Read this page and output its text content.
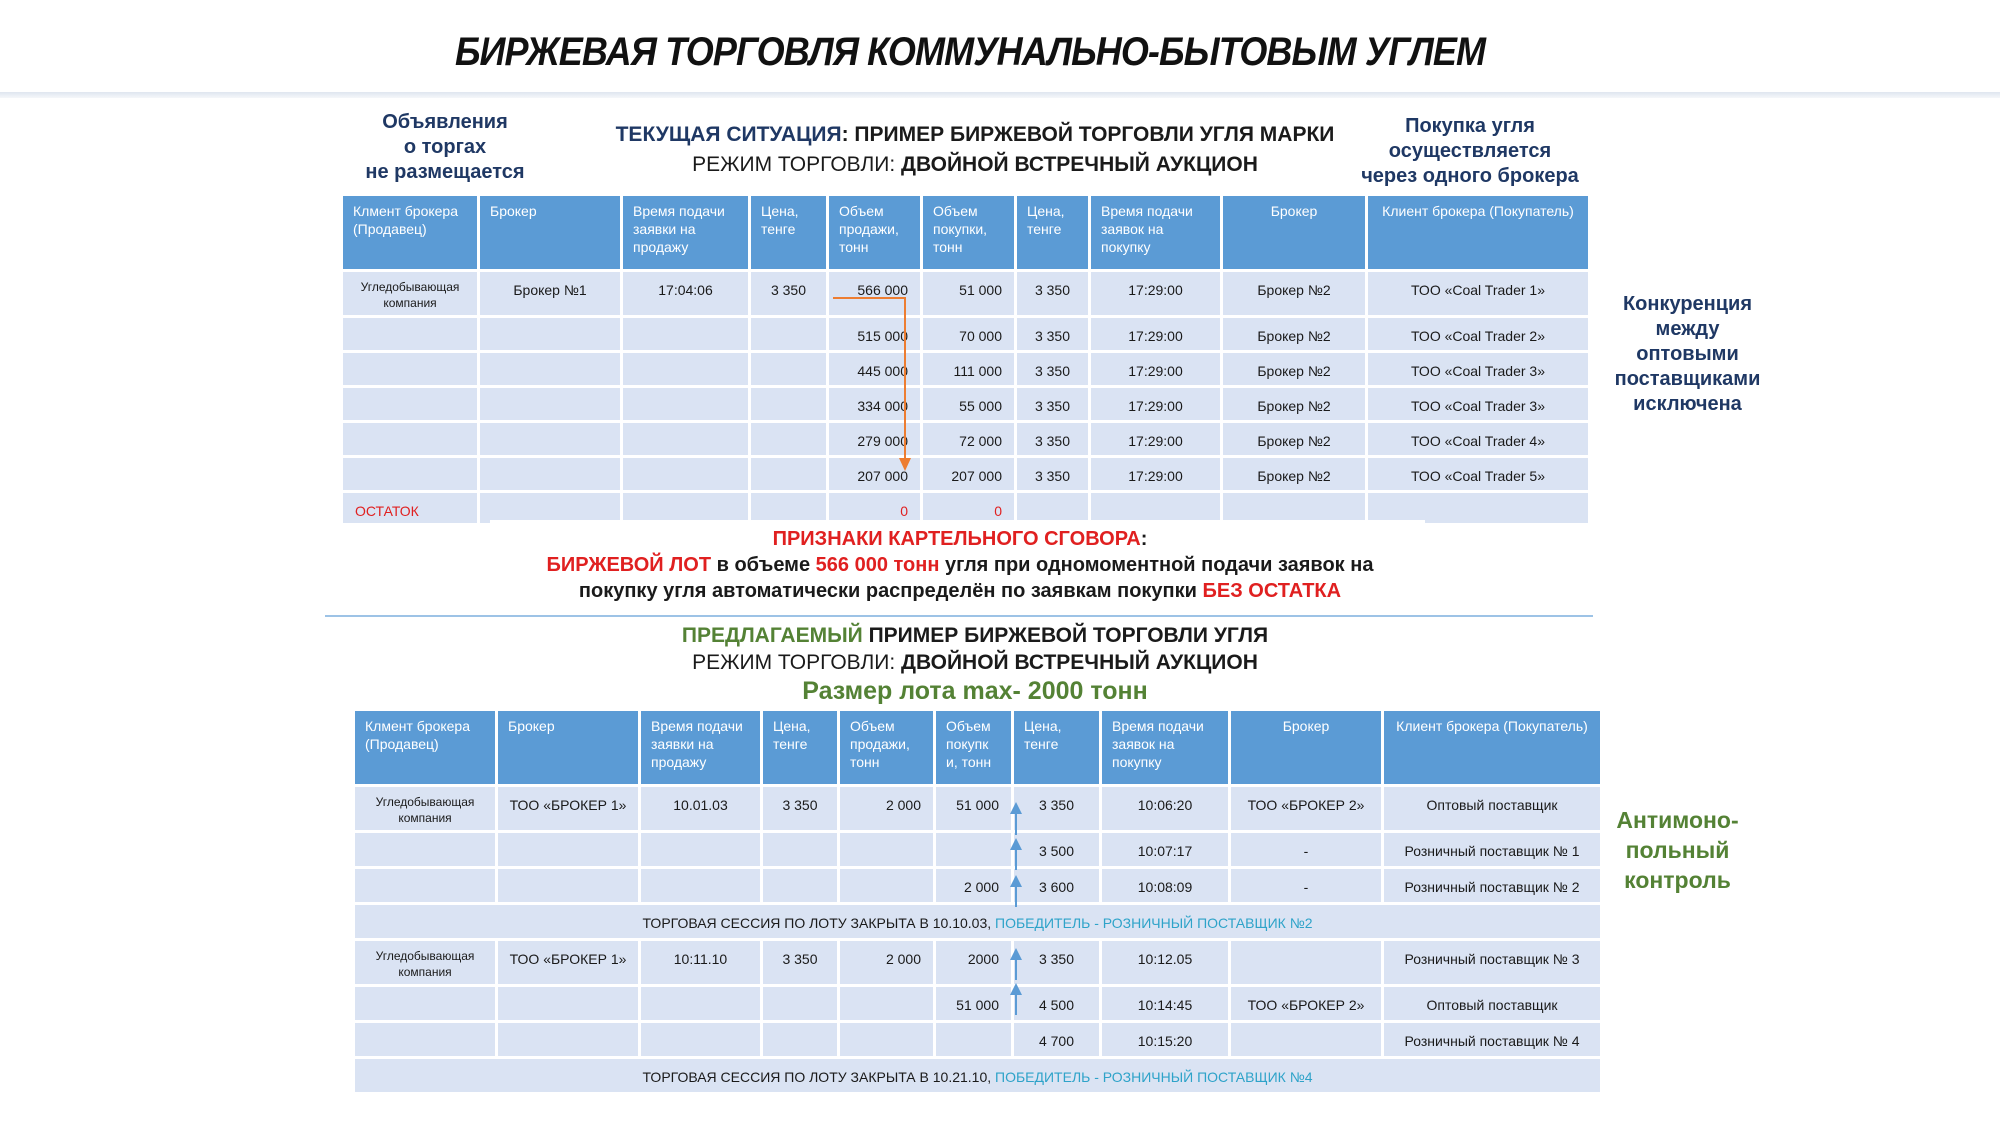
БИРЖЕВАЯ ТОРГОВЛЯ КОММУНАЛЬНО-БЫТОВЫМ УГЛЕМ
Объявления
о торгах
не размещается
Покупка угля
осуществляется
через одного брокера
Конкуренция
между
оптовыми
поставщиками
исключена
Антимоно-
польный
контроль
ТЕКУЩАЯ СИТУАЦИЯ: ПРИМЕР БИРЖЕВОЙ ТОРГОВЛИ УГЛЯ МАРКИ
РЕЖИМ ТОРГОВЛИ: ДВОЙНОЙ ВСТРЕЧНЫЙ АУКЦИОН
Клмент брокера (Продавец)	Брокер	Время подачи заявки на продажу	Цена, тенге	Объем продажи, тонн	Объем покупки, тонн	Цена, тенге	Время подачи заявок на покупку	Брокер	Клиент брокера (Покупатель)
Угледобывающая компания	Брокер №1	17:04:06	3 350	566 000	51 000	3 350	17:29:00	Брокер №2	ТОО «Coal Trader 1»
				515 000	70 000	3 350	17:29:00	Брокер №2	ТОО «Coal Trader 2»
				445 000	111 000	3 350	17:29:00	Брокер №2	ТОО «Coal Trader 3»
				334 000	55 000	3 350	17:29:00	Брокер №2	ТОО «Coal Trader 3»
				279 000	72 000	3 350	17:29:00	Брокер №2	ТОО «Coal Trader 4»
				207 000	207 000	3 350	17:29:00	Брокер №2	ТОО «Coal Trader 5»
ОСТАТОК				0	0				
ПРИЗНАКИ КАРТЕЛЬНОГО СГОВОРА:
БИРЖЕВОЙ ЛОТ в объеме 566 000 тонн угля при одномоментной подачи заявок на
покупку угля автоматически распределён по заявкам покупки БЕЗ ОСТАТКА
ПРЕДЛАГАЕМЫЙ ПРИМЕР БИРЖЕВОЙ ТОРГОВЛИ УГЛЯ
РЕЖИМ ТОРГОВЛИ: ДВОЙНОЙ ВСТРЕЧНЫЙ АУКЦИОН
Размер лота max- 2000 тонн
Клмент брокера (Продавец)	Брокер	Время подачи заявки на продажу	Цена, тенге	Объем продажи, тонн	Объем покупк и, тонн	Цена, тенге	Время подачи заявок на покупку	Брокер	Клиент брокера (Покупатель)
Угледобывающая компания	ТОО «БРОКЕР 1»	10.01.03	3 350	2 000	51 000	3 350	10:06:20	ТОО «БРОКЕР 2»	Оптовый поставщик
						3 500	10:07:17	-	Розничный поставщик № 1
					2 000	3 600	10:08:09	-	Розничный поставщик № 2
ТОРГОВАЯ СЕССИЯ ПО ЛОТУ ЗАКРЫТА В 10.10.03, ПОБЕДИТЕЛЬ - РОЗНИЧНЫЙ ПОСТАВЩИК №2									
Угледобывающая компания	ТОО «БРОКЕР 1»	10:11.10	3 350	2 000	2000	3 350	10:12.05		Розничный поставщик № 3
					51 000	4 500	10:14:45	ТОО «БРОКЕР 2»	Оптовый поставщик
						4 700	10:15:20		Розничный поставщик № 4
ТОРГОВАЯ СЕССИЯ ПО ЛОТУ ЗАКРЫТА В 10.21.10, ПОБЕДИТЕЛЬ - РОЗНИЧНЫЙ ПОСТАВЩИК №4									
